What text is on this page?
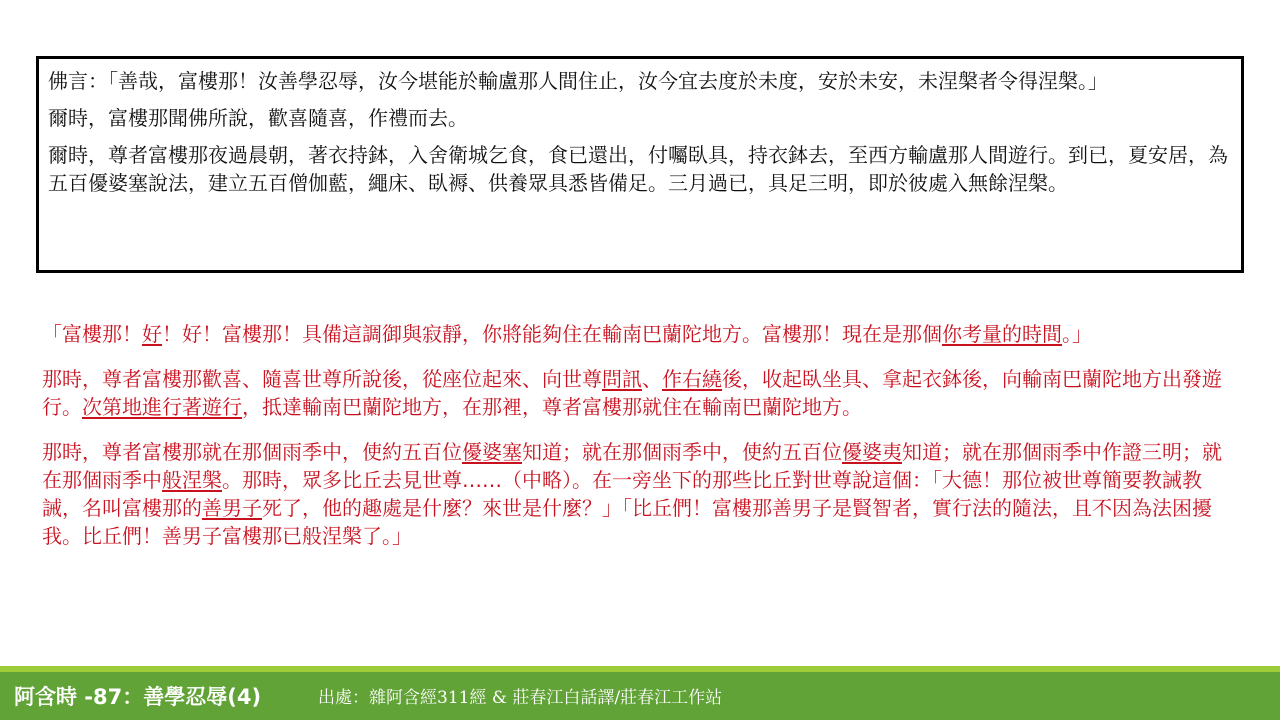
佛言：「善哉，富樓那！汝善學忍辱，汝今堪能於輸盧那人間住止，汝今宜去度於未度，安於未安，未涅槃者令得涅槃。」

爾時，富樓那聞佛所說，歡喜隨喜，作禮而去。

爾時，尊者富樓那夜過晨朝，著衣持鉢，入舍衛城乞食，食已還出，付囑臥具，持衣鉢去，至西方輸盧那人間遊行。到已，夏安居，為五百優婆塞說法，建立五百僧伽藍，繩床、臥褥、供養眾具悉皆備足。三月過已，具足三明，即於彼處入無餘涅槃。

「富樓那！好！好！富樓那！具備這調御與寂靜，你將能夠住在輸南巴蘭陀地方。富樓那！現在是那個你考量的時間。」

那時，尊者富樓那歡喜、隨喜世尊所說後，從座位起來、向世尊問訊、作右繞後，收起臥坐具、拿起衣鉢後，向輸南巴蘭陀地方出發遊行。次第地進行著遊行，抵達輸南巴蘭陀地方，在那裡，尊者富樓那就住在輸南巴蘭陀地方。

那時，尊者富樓那就在那個雨季中，使約五百位優婆塞知道；就在那個雨季中，使約五百位優婆夷知道；就在那個雨季中作證三明；就在那個雨季中般涅槃。那時，眾多比丘去見世尊……（中略）。在一旁坐下的那些比丘對世尊說這個：「大德！那位被世尊簡要教誡教誡，名叫富樓那的善男子死了，他的趣處是什麼？來世是什麼？」「比丘們！富樓那善男子是賢智者，實行法的隨法，且不因為法困擾我。比丘們！善男子富樓那已般涅槃了。」

阿含時 -87：善學忍辱(4)	出處：雜阿含經311經 & 莊春江白話譯/莊春江工作站
